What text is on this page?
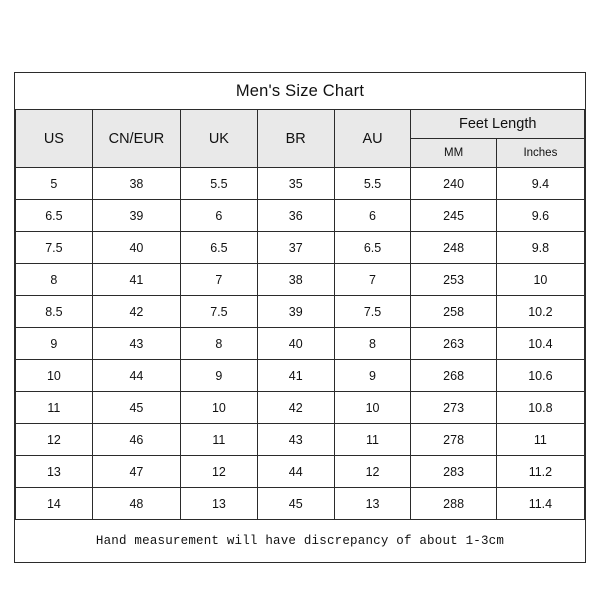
Men's Size Chart						
US	CN/EUR	UK	BR	AU	Feet Length	
					MM	Inches
5	38	5.5	35	5.5	240	9.4
6.5	39	6	36	6	245	9.6
7.5	40	6.5	37	6.5	248	9.8
8	41	7	38	7	253	10
8.5	42	7.5	39	7.5	258	10.2
9	43	8	40	8	263	10.4
10	44	9	41	9	268	10.6
11	45	10	42	10	273	10.8
12	46	11	43	11	278	11
13	47	12	44	12	283	11.2
14	48	13	45	13	288	11.4
Hand measurement will have discrepancy of about 1-3cm						
